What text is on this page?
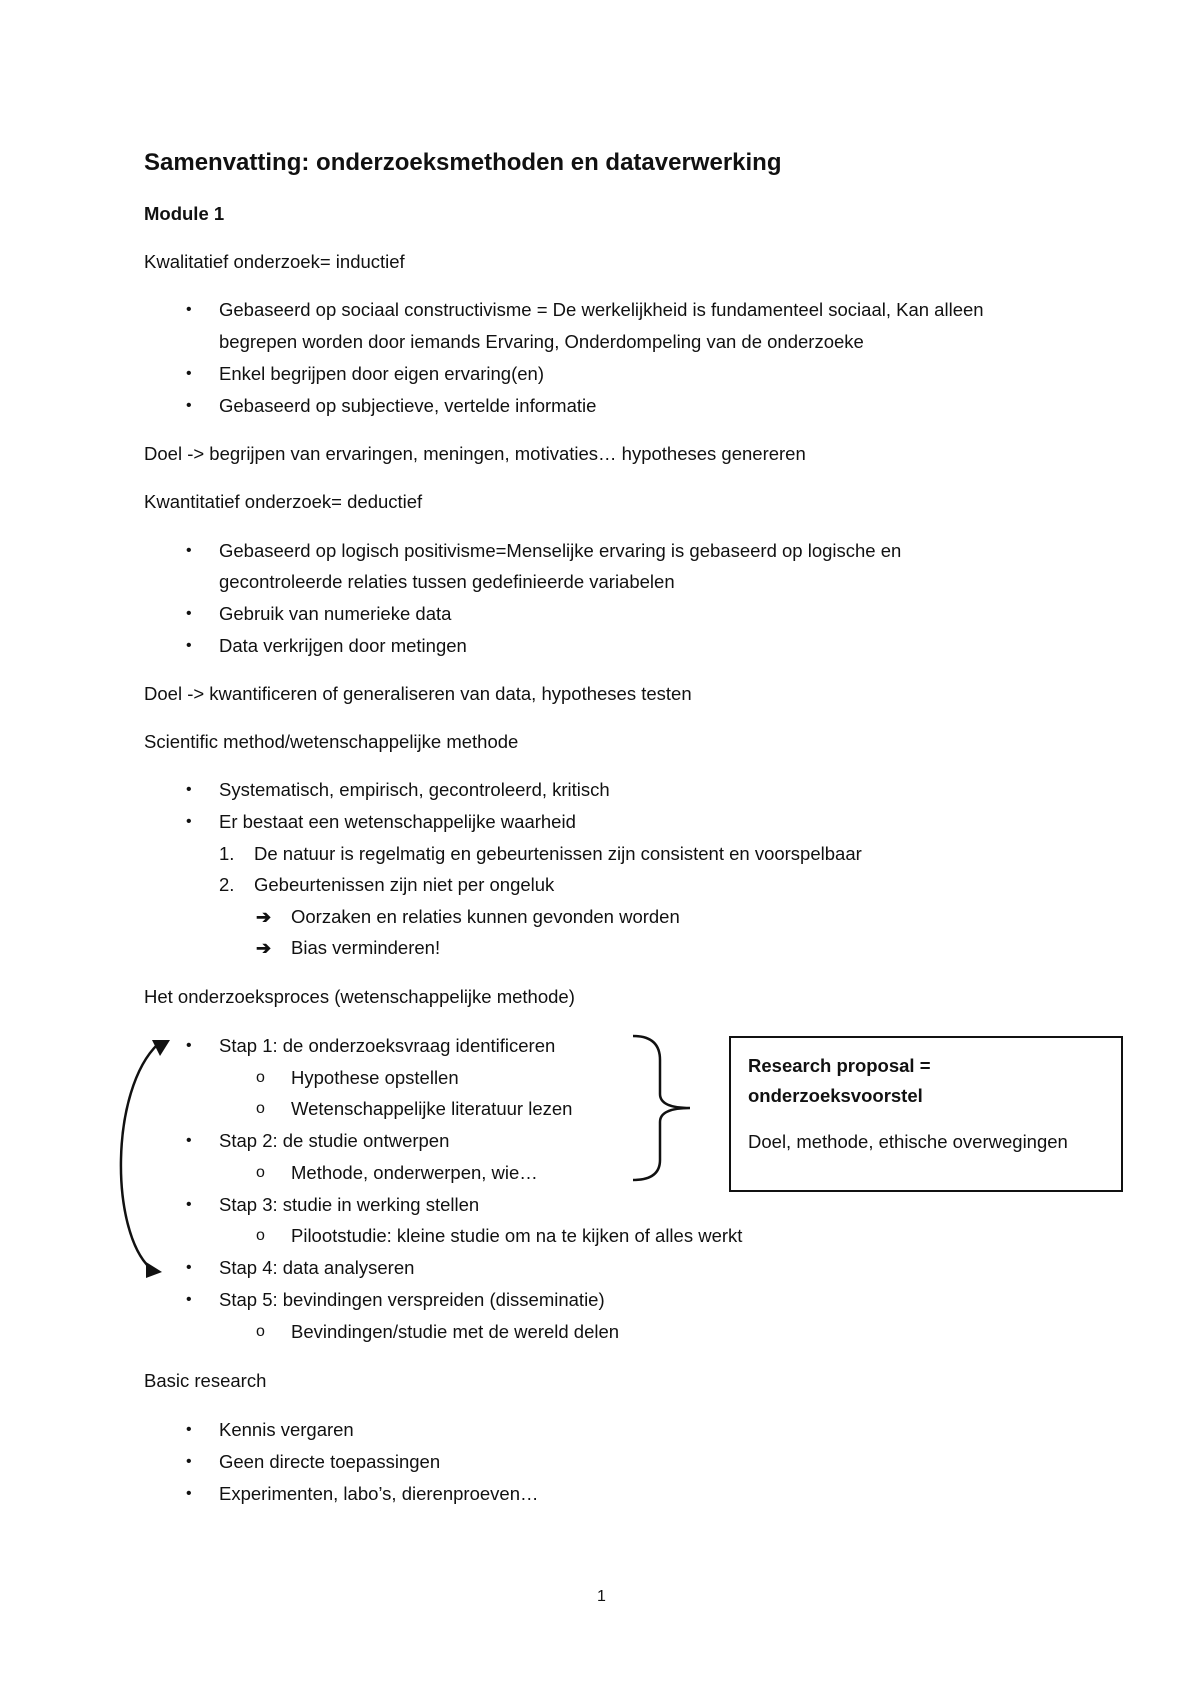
Samenvatting: onderzoeksmethoden en dataverwerking
Module 1
Kwalitatief onderzoek= inductief
• Gebaseerd op sociaal constructivisme = De werkelijkheid is fundamenteel sociaal, Kan alleen
begrepen worden door iemands Ervaring, Onderdompeling van de onderzoeke
• Enkel begrijpen door eigen ervaring(en)
• Gebaseerd op subjectieve, vertelde informatie
Doel -> begrijpen van ervaringen, meningen, motivaties… hypotheses genereren
Kwantitatief onderzoek= deductief
• Gebaseerd op logisch positivisme=Menselijke ervaring is gebaseerd op logische en
gecontroleerde relaties tussen gedefinieerde variabelen
• Gebruik van numerieke data
• Data verkrijgen door metingen
Doel -> kwantificeren of generaliseren van data, hypotheses testen
Scientific method/wetenschappelijke methode
• Systematisch, empirisch, gecontroleerd, kritisch
• Er bestaat een wetenschappelijke waarheid
1. De natuur is regelmatig en gebeurtenissen zijn consistent en voorspelbaar
2. Gebeurtenissen zijn niet per ongeluk
➔ Oorzaken en relaties kunnen gevonden worden
➔ Bias verminderen!
Het onderzoeksproces (wetenschappelijke methode)
• Stap 1: de onderzoeksvraag identificeren
o Hypothese opstellen
o Wetenschappelijke literatuur lezen
• Stap 2: de studie ontwerpen
o Methode, onderwerpen, wie…
• Stap 3: studie in werking stellen
o Pilootstudie: kleine studie om na te kijken of alles werkt
• Stap 4: data analyseren
• Stap 5: bevindingen verspreiden (disseminatie)
o Bevindingen/studie met de wereld delen
Research proposal =
onderzoeksvoorstel
Doel, methode, ethische overwegingen
Basic research
• Kennis vergaren
• Geen directe toepassingen
• Experimenten, labo’s, dierenproeven…
1
